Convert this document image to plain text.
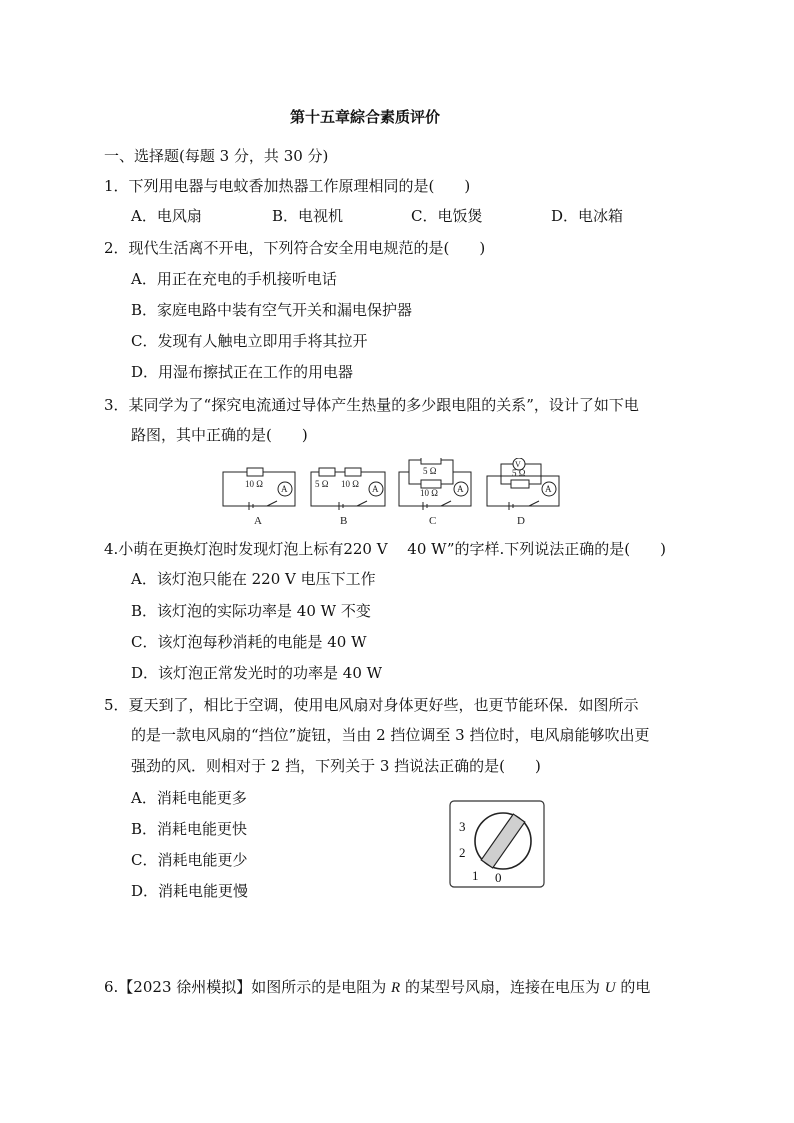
第十五章綜合素质评价
一、选择题(每题 3 分，共 30 分)
1．下列用电器与电蚊香加热器工作原理相同的是(　　)
A．电风扇	B．电视机	C．电饭煲	D．电冰箱
2．现代生活离不开电，下列符合安全用电规范的是(　　)
A．用正在充电的手机接听电话
B．家庭电路中装有空气开关和漏电保护器
C．发现有人触电立即用手将其拉开
D．用湿布擦拭正在工作的用电器
3．某同学为了“探究电流通过导体产生热量的多少跟电阻的关系”，设计了如下电
路图，其中正确的是(　　)
10 Ω A
A
5 Ω 10 Ω A
B
5 Ω
10 Ω A
C
V
5 Ω
A
D
4.小萌在更换灯泡时发现灯泡上标有220 V　 40 W”的字样.下列说法正确的是(　　)
A．该灯泡只能在 220 V 电压下工作
B．该灯泡的实际功率是 40 W 不变
C．该灯泡每秒消耗的电能是 40 W
D．该灯泡正常发光时的功率是 40 W
5．夏天到了，相比于空调，使用电风扇对身体更好些，也更节能环保．如图所示
的是一款电风扇的“挡位”旋钮，当由 2 挡位调至 3 挡位时，电风扇能够吹出更
强劲的风．则相对于 2 挡，下列关于 3 挡说法正确的是(　　)
A．消耗电能更多
B．消耗电能更快
C．消耗电能更少
D．消耗电能更慢
3
2
1 0
6.【2023 徐州模拟】如图所示的是电阻为 R 的某型号风扇，连接在电压为 U 的电
